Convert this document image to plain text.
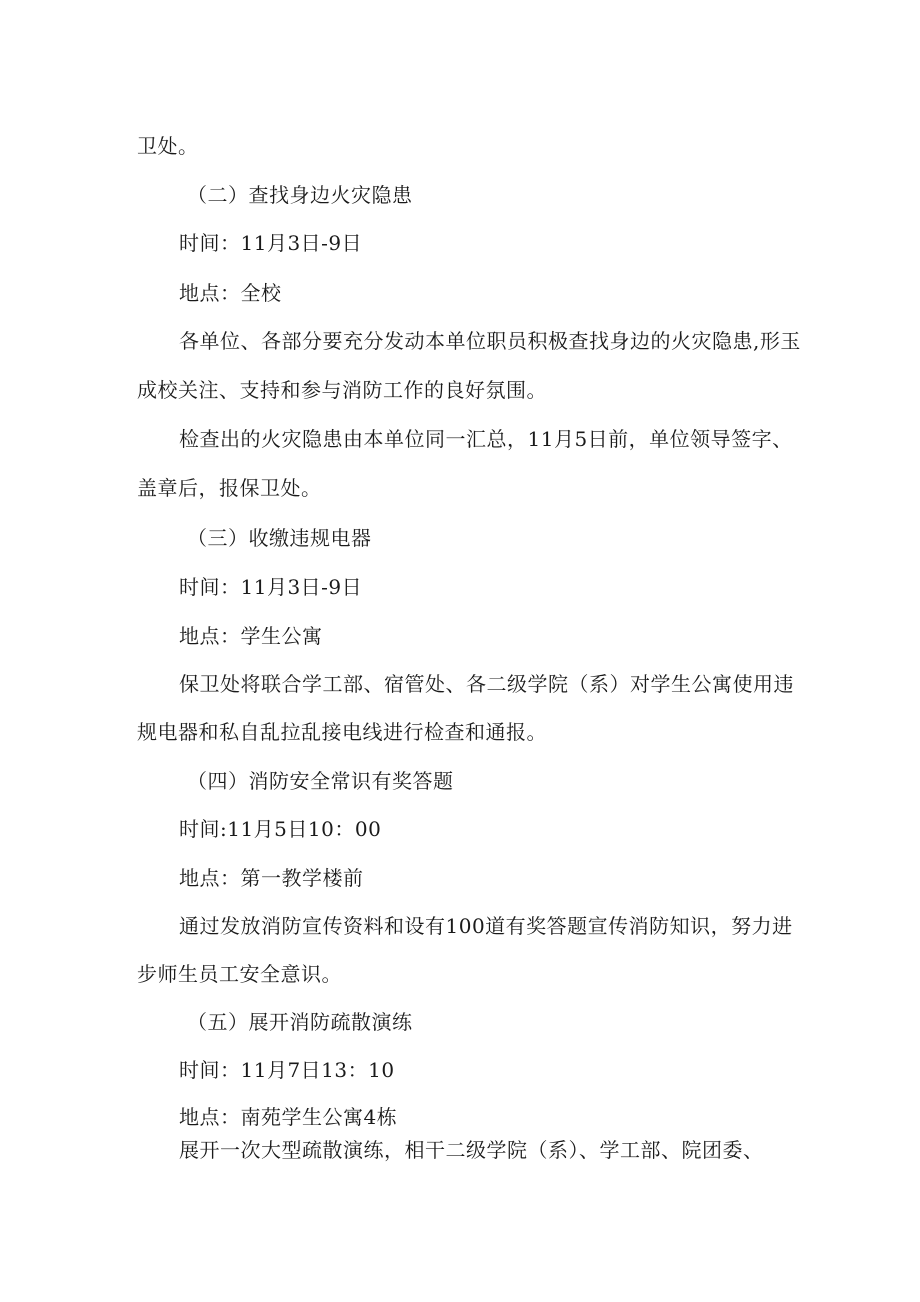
卫处。
（二）查找身边火灾隐患
时间：11月3日-9日
地点：全校
各单位、各部分要充分发动本单位职员积极查找身边的火灾隐患,形玉
成校关注、支持和参与消防工作的良好氛围。
检查出的火灾隐患由本单位同一汇总，11月5日前，单位领导签字、
盖章后，报保卫处。
（三）收缴违规电器
时间：11月3日-9日
地点：学生公寓
保卫处将联合学工部、宿管处、各二级学院（系）对学生公寓使用违
规电器和私自乱拉乱接电线进行检查和通报。
（四）消防安全常识有奖答题
时间:11月5日10：00
地点：第一教学楼前
通过发放消防宣传资料和设有100道有奖答题宣传消防知识，努力进
步师生员工安全意识。
（五）展开消防疏散演练
时间：11月7日13：10
地点：南苑学生公寓4栋
展开一次大型疏散演练，相干二级学院（系）、学工部、院团委、
